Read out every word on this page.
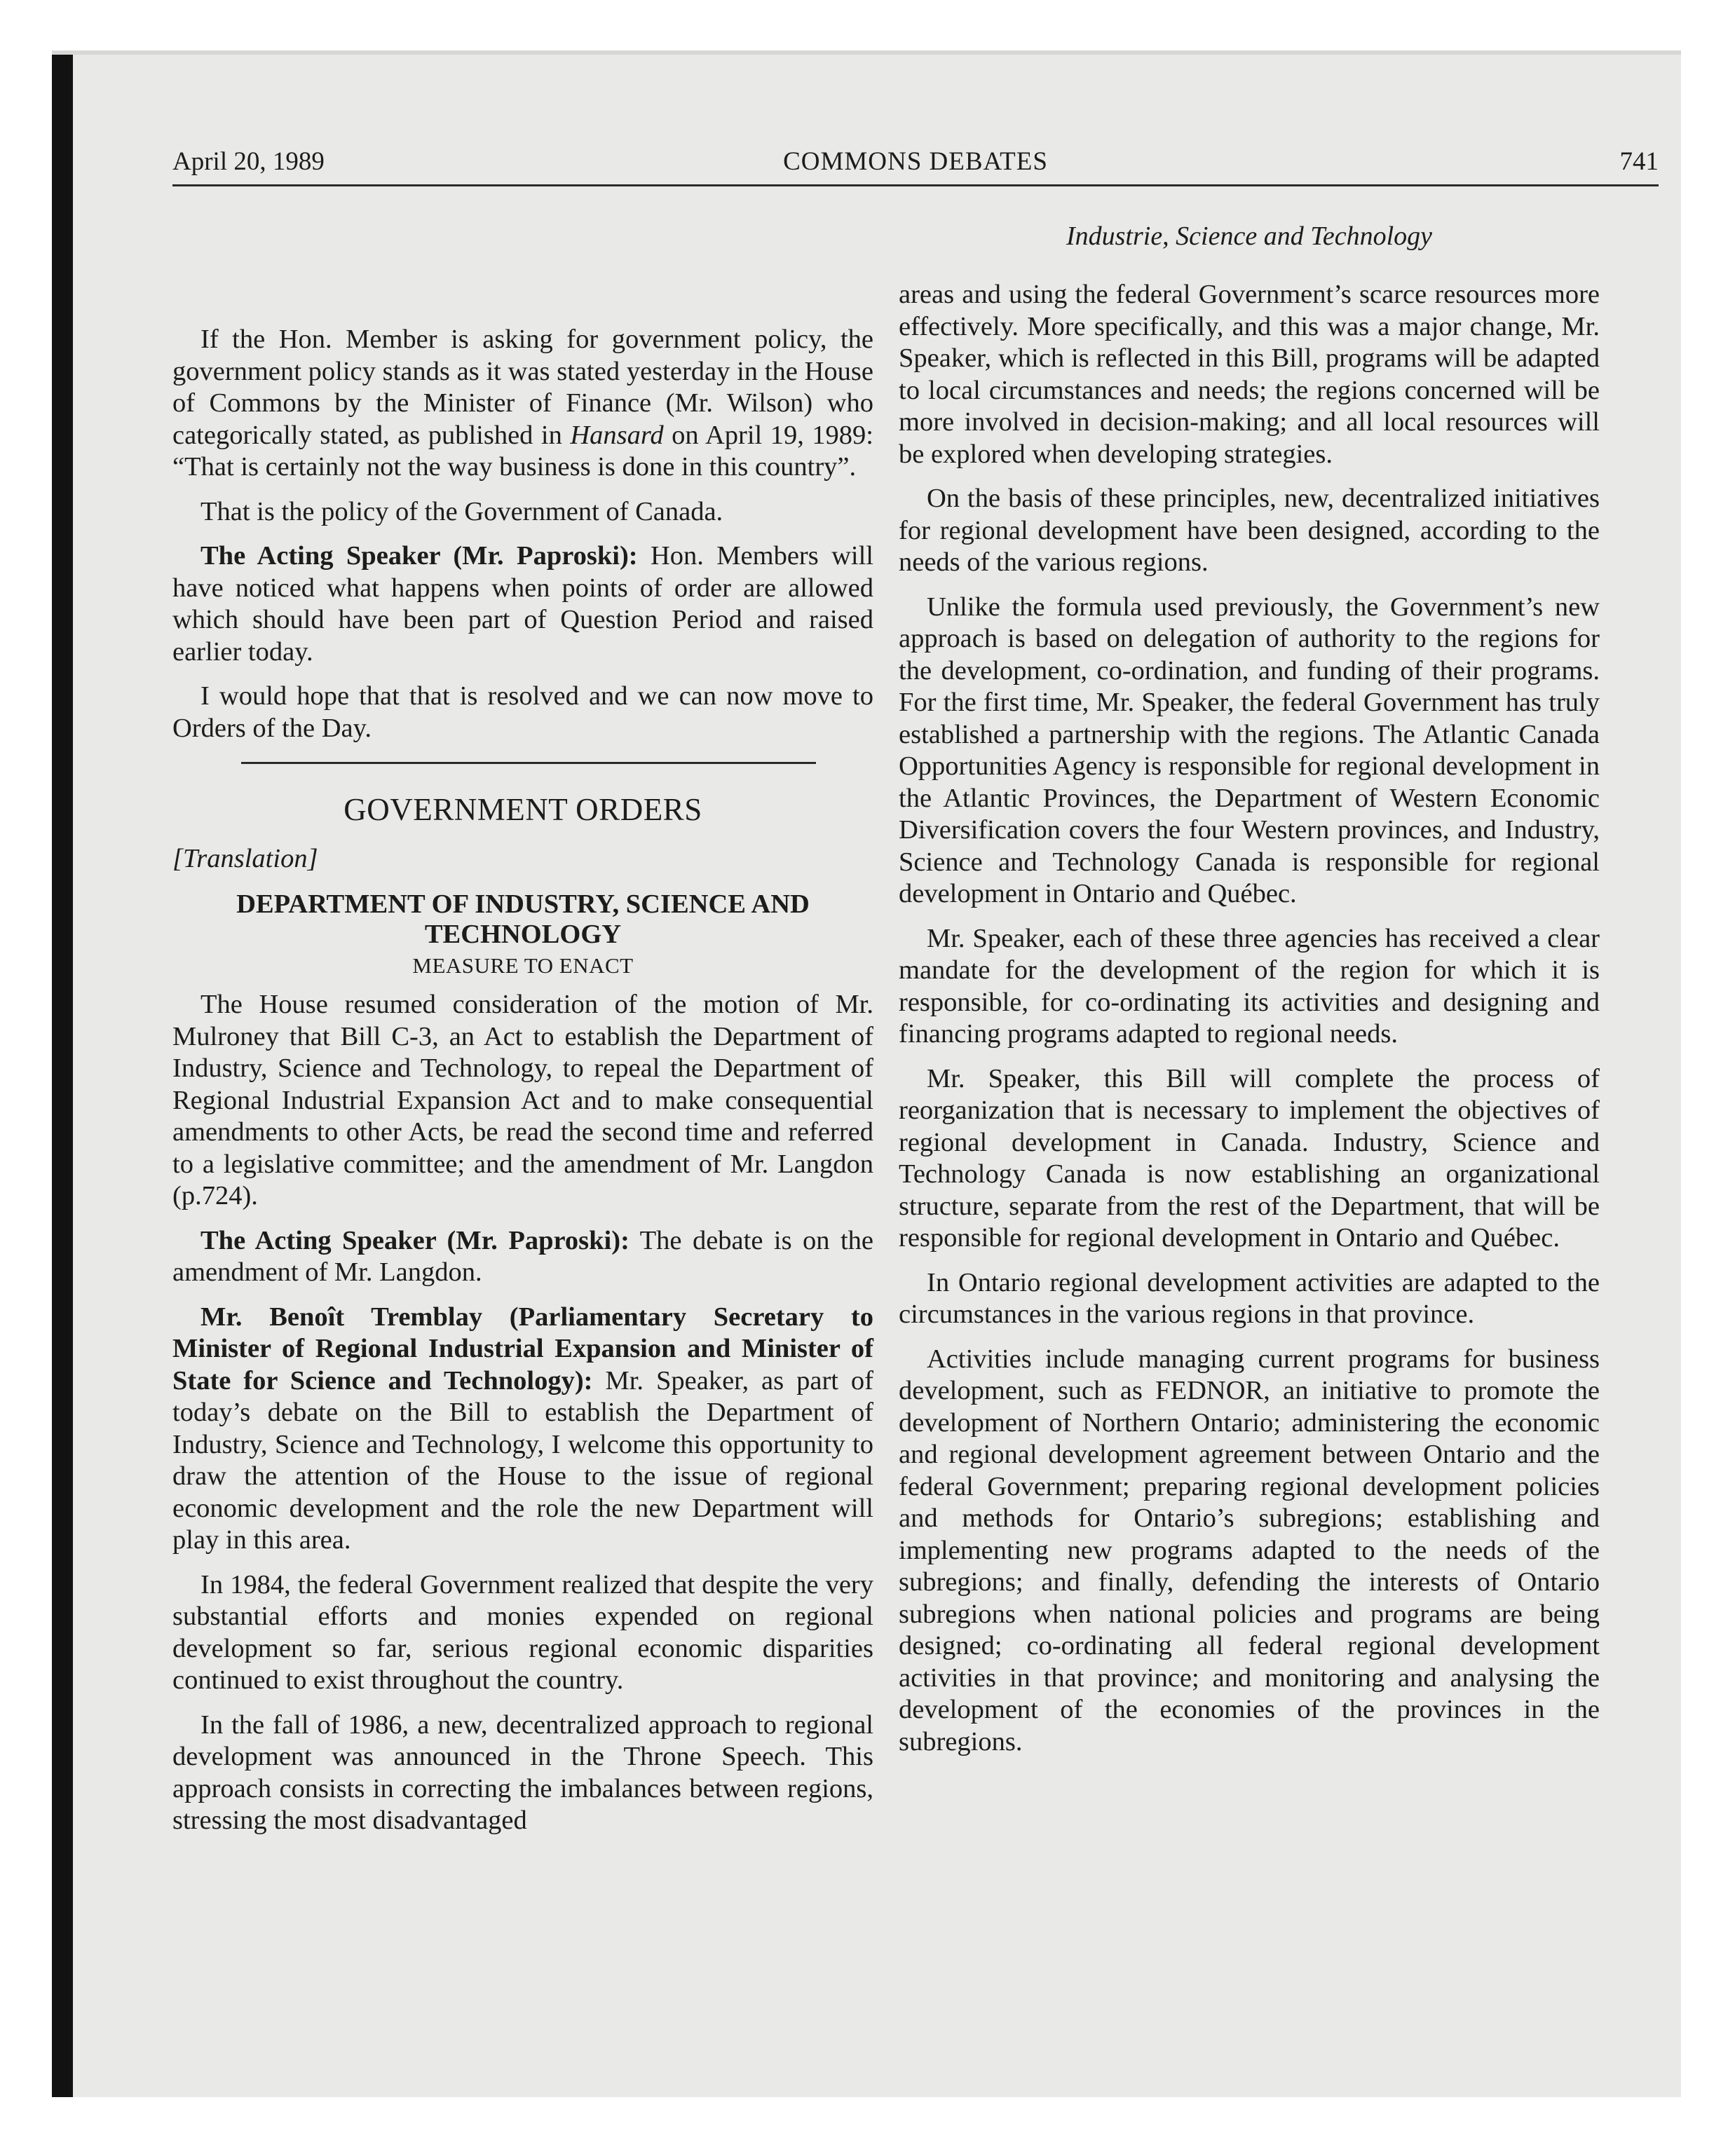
April 20, 1989	COMMONS DEBATES	741

If the Hon. Member is asking for government policy, the government policy stands as it was stated yesterday in the House of Commons by the Minister of Finance (Mr. Wilson) who categorically stated, as published in Hansard on April 19, 1989: “That is certainly not the way business is done in this country”.

That is the policy of the Government of Canada.

The Acting Speaker (Mr. Paproski): Hon. Members will have noticed what happens when points of order are allowed which should have been part of Question Period and raised earlier today.

I would hope that that is resolved and we can now move to Orders of the Day.

GOVERNMENT ORDERS
[Translation]
DEPARTMENT OF INDUSTRY, SCIENCE AND TECHNOLOGY
MEASURE TO ENACT

The House resumed consideration of the motion of Mr. Mulroney that Bill C-3, an Act to establish the Department of Industry, Science and Technology, to repeal the Department of Regional Industrial Expansion Act and to make consequential amendments to other Acts, be read the second time and referred to a legislative committee; and the amendment of Mr. Langdon (p.724).

The Acting Speaker (Mr. Paproski): The debate is on the amendment of Mr. Langdon.

Mr. Benoît Tremblay (Parliamentary Secretary to Minister of Regional Industrial Expansion and Minister of State for Science and Technology): Mr. Speaker, as part of today’s debate on the Bill to establish the Department of Industry, Science and Technology, I welcome this opportunity to draw the attention of the House to the issue of regional economic development and the role the new Department will play in this area.

In 1984, the federal Government realized that despite the very substantial efforts and monies expended on regional development so far, serious regional economic disparities continued to exist throughout the country.

In the fall of 1986, a new, decentralized approach to regional development was announced in the Throne Speech. This approach consists in correcting the imbalances between regions, stressing the most disadvantaged

Industrie, Science and Technology

areas and using the federal Government’s scarce resources more effectively. More specifically, and this was a major change, Mr. Speaker, which is reflected in this Bill, programs will be adapted to local circumstances and needs; the regions concerned will be more involved in decision-making; and all local resources will be explored when developing strategies.

On the basis of these principles, new, decentralized initiatives for regional development have been designed, according to the needs of the various regions.

Unlike the formula used previously, the Government’s new approach is based on delegation of authority to the regions for the development, co-ordination, and funding of their programs. For the first time, Mr. Speaker, the federal Government has truly established a partnership with the regions. The Atlantic Canada Opportunities Agency is responsible for regional development in the Atlantic Provinces, the Department of Western Economic Diversification covers the four Western provinces, and Industry, Science and Technology Canada is responsible for regional development in Ontario and Québec.

Mr. Speaker, each of these three agencies has received a clear mandate for the development of the region for which it is responsible, for co-ordinating its activities and designing and financing programs adapted to regional needs.

Mr. Speaker, this Bill will complete the process of reorganization that is necessary to implement the objectives of regional development in Canada. Industry, Science and Technology Canada is now establishing an organizational structure, separate from the rest of the Department, that will be responsible for regional development in Ontario and Québec.

In Ontario regional development activities are adapted to the circumstances in the various regions in that province.

Activities include managing current programs for business development, such as FEDNOR, an initiative to promote the development of Northern Ontario; administering the economic and regional development agreement between Ontario and the federal Government; preparing regional development policies and methods for Ontario’s subregions; establishing and implementing new programs adapted to the needs of the subregions; and finally, defending the interests of Ontario subregions when national policies and programs are being designed; co-ordinating all federal regional development activities in that province; and monitoring and analysing the development of the economies of the provinces in the subregions.
